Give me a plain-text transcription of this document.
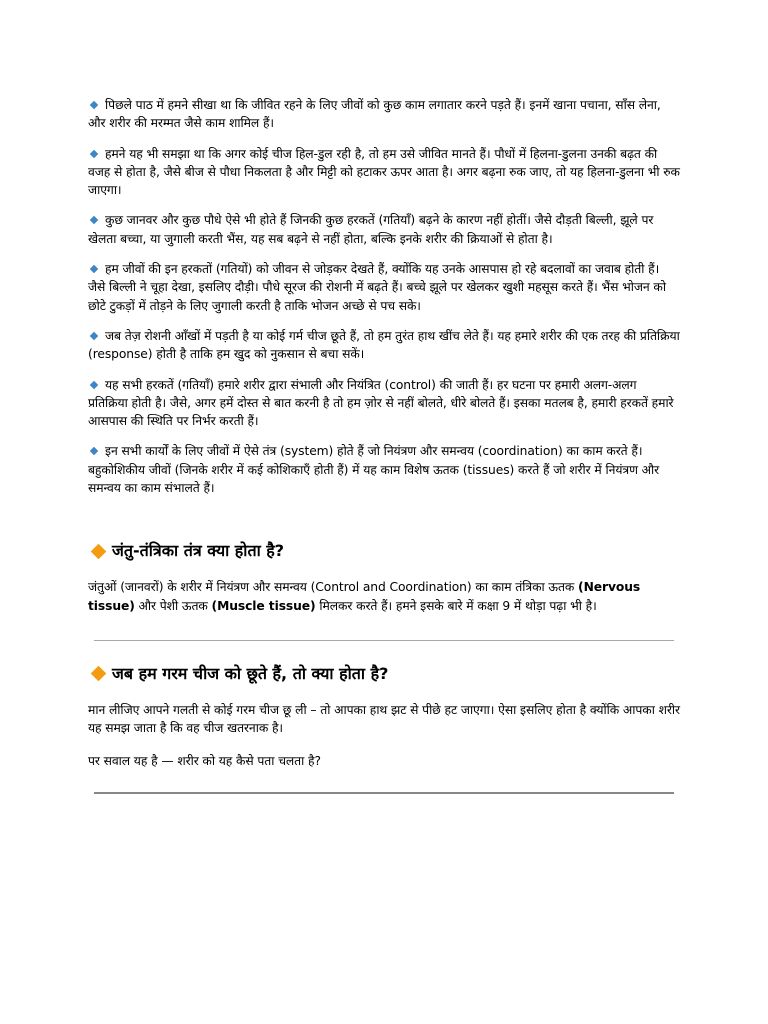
पिछले पाठ में हमने सीखा था कि जीवित रहने के लिए जीवों को कुछ काम लगातार करने पड़ते हैं। इनमें खाना पचाना, साँस लेना, और शरीर की मरम्मत जैसे काम शामिल हैं।

हमने यह भी समझा था कि अगर कोई चीज हिल-डुल रही है, तो हम उसे जीवित मानते हैं। पौधों में हिलना-डुलना उनकी बढ़त की वजह से होता है, जैसे बीज से पौधा निकलता है और मिट्टी को हटाकर ऊपर आता है। अगर बढ़ना रुक जाए, तो यह हिलना-डुलना भी रुक जाएगा।

कुछ जानवर और कुछ पौधे ऐसे भी होते हैं जिनकी कुछ हरकतें (गतियाँ) बढ़ने के कारण नहीं होतीं। जैसे दौड़ती बिल्ली, झूले पर खेलता बच्चा, या जुगाली करती भैंस, यह सब बढ़ने से नहीं होता, बल्कि इनके शरीर की क्रियाओं से होता है।

हम जीवों की इन हरकतों (गतियों) को जीवन से जोड़कर देखते हैं, क्योंकि यह उनके आसपास हो रहे बदलावों का जवाब होती हैं। जैसे बिल्ली ने चूहा देखा, इसलिए दौड़ी। पौधे सूरज की रोशनी में बढ़ते हैं। बच्चे झूले पर खेलकर खुशी महसूस करते हैं। भैंस भोजन को छोटे टुकड़ों में तोड़ने के लिए जुगाली करती है ताकि भोजन अच्छे से पच सके।

जब तेज़ रोशनी आँखों में पड़ती है या कोई गर्म चीज छूते हैं, तो हम तुरंत हाथ खींच लेते हैं। यह हमारे शरीर की एक तरह की प्रतिक्रिया (response) होती है ताकि हम खुद को नुकसान से बचा सकें।

यह सभी हरकतें (गतियाँ) हमारे शरीर द्वारा संभाली और नियंत्रित (control) की जाती हैं। हर घटना पर हमारी अलग-अलग प्रतिक्रिया होती है। जैसे, अगर हमें दोस्त से बात करनी है तो हम ज़ोर से नहीं बोलते, धीरे बोलते हैं। इसका मतलब है, हमारी हरकतें हमारे आसपास की स्थिति पर निर्भर करती हैं।

इन सभी कार्यों के लिए जीवों में ऐसे तंत्र (system) होते हैं जो नियंत्रण और समन्वय (coordination) का काम करते हैं। बहुकोशिकीय जीवों (जिनके शरीर में कई कोशिकाएँ होती हैं) में यह काम विशेष ऊतक (tissues) करते हैं जो शरीर में नियंत्रण और समन्वय का काम संभालते हैं।

जंतु-तंत्रिका तंत्र क्या होता है ?

जंतुओं (जानवरों) के शरीर में नियंत्रण और समन्वय (Control and Coordination) का काम तंत्रिका ऊतक (Nervous tissue) और पेशी ऊतक (Muscle tissue) मिलकर करते हैं। हमने इसके बारे में कक्षा 9 में थोड़ा पढ़ा भी है।

जब हम गरम चीज को छूते हैं, तो क्या होता है ?

मान लीजिए आपने गलती से कोई गरम चीज छू ली – तो आपका हाथ झट से पीछे हट जाएगा। ऐसा इसलिए होता है क्योंकि आपका शरीर यह समझ जाता है कि वह चीज खतरनाक है।

पर सवाल यह है — शरीर को यह कैसे पता चलता है?
